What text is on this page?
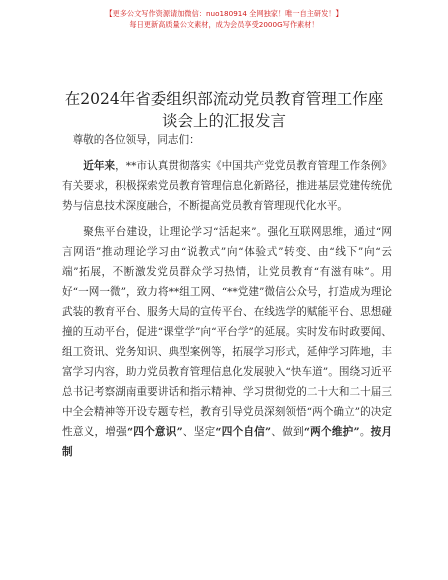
【更多公文写作资源请加微信：nuo180914 全网独家！唯一自主研发！】
每日更新高质量公文素材，成为会员享受2000G写作素材！
在2024年省委组织部流动党员教育管理工作座
谈会上的汇报发言

尊敬的各位领导，同志们：

近年来，**市认真贯彻落实《中国共产党党员教育管理工作条例》有关要求，积极探索党员教育管理信息化新路径，推进基层党建传统优势与信息技术深度融合，不断提高党员教育管理现代化水平。

聚焦平台建设，让理论学习“活起来”。强化互联网思维，通过“网言网语”推动理论学习由“说教式”向“体验式”转变、由“线下”向“云端”拓展，不断激发党员群众学习热情，让党员教育“有滋有味”。用好“一网一微”，致力将**组工网、“**党建”微信公众号，打造成为理论武装的教育平台、服务大局的宣传平台、在线选学的赋能平台、思想碰撞的互动平台，促进“课堂学”向“平台学”的延展。实时发布时政要闻、组工资讯、党务知识、典型案例等，拓展学习形式，延伸学习阵地，丰富学习内容，助力党员教育管理信息化发展驶入“快车道”。围绕习近平总书记考察湖南重要讲话和指示精神、学习贯彻党的二十大和二十届三中全会精神等开设专题专栏，教育引导党员深刻领悟“两个确立”的决定性意义，增强“四个意识”、坚定“四个自信”、做到“两个维护”。按月制
